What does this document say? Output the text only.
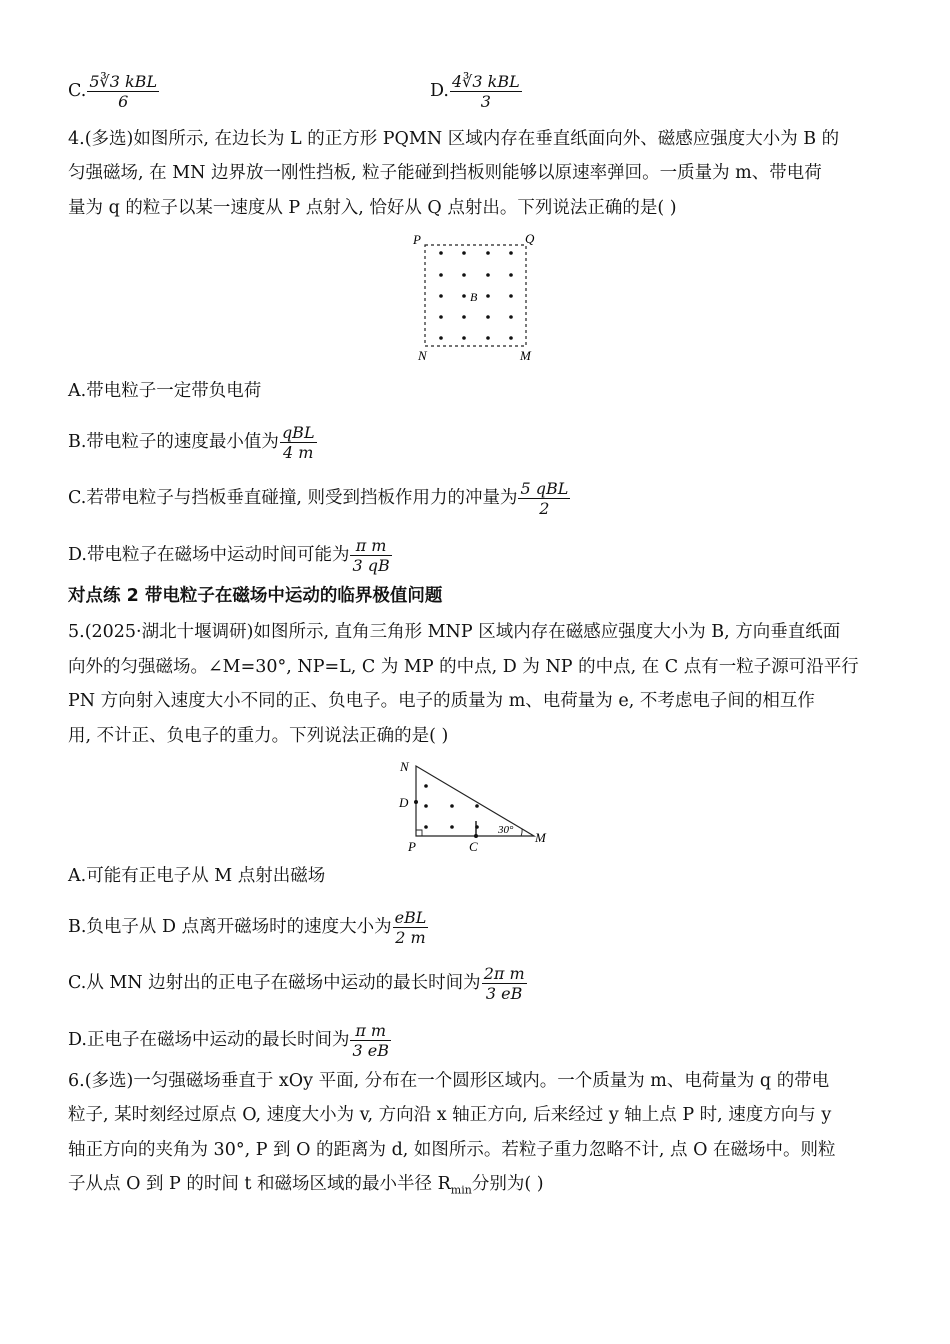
C. $\frac{\text{5∛3 kBL}}{6}$	D. $\frac{\text{4∛3 kBL}}{3}$
4.(多选)如图所示, 在边长为 L 的正方形 PQMN 区域内存在垂直纸面向外、磁感应强度大小为 B 的
匀强磁场, 在 MN 边界放一刚性挡板, 粒子能碰到挡板则能够以原速率弹回。一质量为 m、带电荷
量为 q 的粒子以某一速度从 P 点射入, 恰好从 Q 点射出。下列说法正确的是( )
P	Q
N	M
B
A.带电粒子一定带负电荷
B.带电粒子的速度最小值为 $\frac{\text{qBL}}{4 m}$
C.若带电粒子与挡板垂直碰撞, 则受到挡板作用力的冲量为 $\frac{\text{5 qBL}}{2}$
D.带电粒子在磁场中运动时间可能为 $\frac{\text{π m}}{3 qB}$
对点练 2 带电粒子在磁场中运动的临界极值问题
5.(2025·湖北十堰调研)如图所示, 直角三角形 MNP 区域内存在磁感应强度大小为 B, 方向垂直纸面
向外的匀强磁场。∠M=30°, NP=L, C 为 MP 的中点, D 为 NP 的中点, 在 C 点有一粒子源可沿平行
PN 方向射入速度大小不同的正、负电子。电子的质量为 m、电荷量为 e, 不考虑电子间的相互作
用, 不计正、负电子的重力。下列说法正确的是( )
N
D
P	C
M
30°
A.可能有正电子从 M 点射出磁场
B.负电子从 D 点离开磁场时的速度大小为 $\frac{\text{eBL}}{2 m}$
C.从 MN 边射出的正电子在磁场中运动的最长时间为 $\frac{\text{2π m}}{3 eB}$
D.正电子在磁场中运动的最长时间为 $\frac{\text{π m}}{3 eB}$
6.(多选)一匀强磁场垂直于 xOy 平面, 分布在一个圆形区域内。一个质量为 m、电荷量为 q 的带电
粒子, 某时刻经过原点 O, 速度大小为 v, 方向沿 x 轴正方向, 后来经过 y 轴上点 P 时, 速度方向与 y
轴正方向的夹角为 30°, P 到 O 的距离为 d, 如图所示。若粒子重力忽略不计, 点 O 在磁场中。则粒
子从点 O 到 P 的时间 t 和磁场区域的最小半径 $R_{min}$分别为( )
